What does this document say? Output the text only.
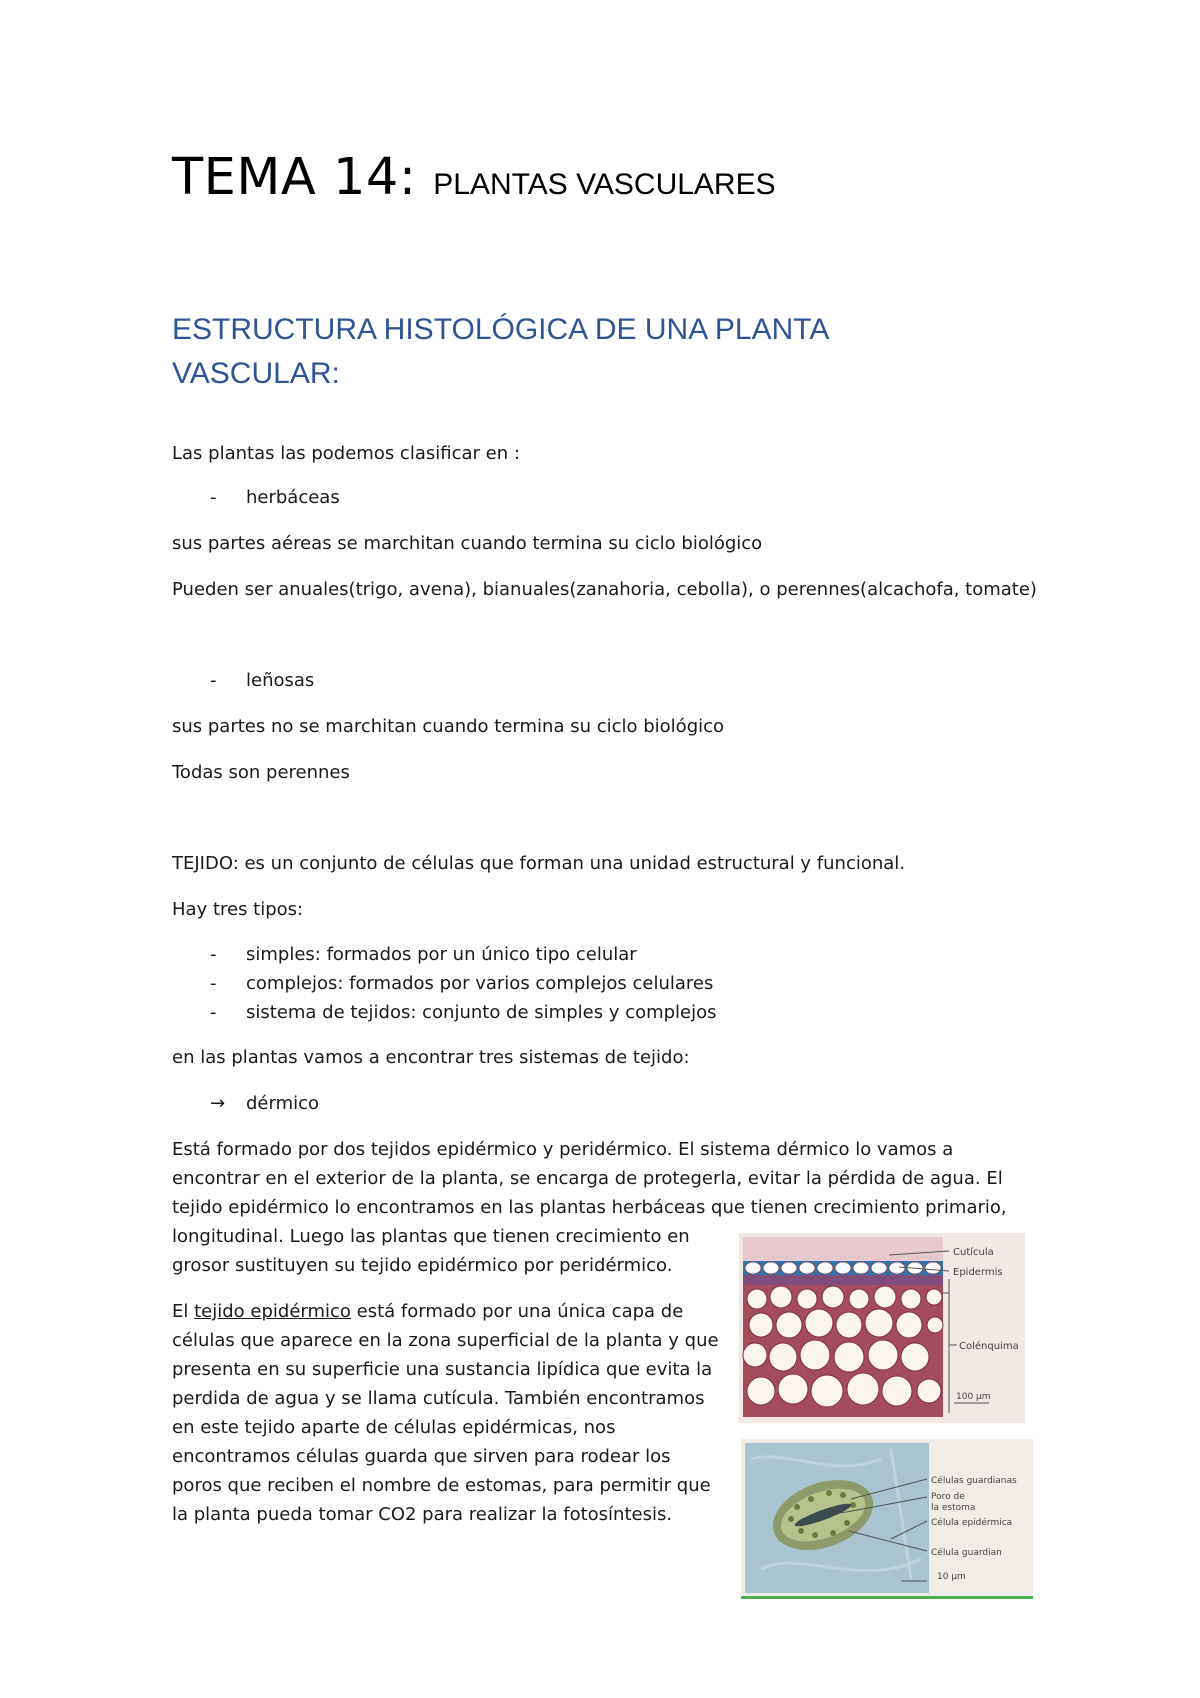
TEMA 14: PLANTAS VASCULARES
ESTRUCTURA HISTOLÓGICA DE UNA PLANTA VASCULAR:
Las plantas las podemos clasificar en :
- herbáceas
sus partes aéreas se marchitan cuando termina su ciclo biológico
Pueden ser anuales(trigo, avena), bianuales(zanahoria, cebolla), o perennes(alcachofa, tomate)
- leñosas
sus partes no se marchitan cuando termina su ciclo biológico
Todas son perennes
TEJIDO: es un conjunto de células que forman una unidad estructural y funcional.
Hay tres tipos:
- simples: formados por un único tipo celular
- complejos: formados por varios complejos celulares
- sistema de tejidos: conjunto de simples y complejos
en las plantas vamos a encontrar tres sistemas de tejido:
→ dérmico
Está formado por dos tejidos epidérmico y peridérmico. El sistema dérmico lo vamos a
encontrar en el exterior de la planta, se encarga de protegerla, evitar la pérdida de agua. El
tejido epidérmico lo encontramos en las plantas herbáceas que tienen crecimiento primario,
longitudinal. Luego las plantas que tienen crecimiento en
grosor sustituyen su tejido epidérmico por peridérmico.
El tejido epidérmico está formado por una única capa de
células que aparece en la zona superficial de la planta y que
presenta en su superficie una sustancia lipídica que evita la
perdida de agua y se llama cutícula. También encontramos
en este tejido aparte de células epidérmicas, nos
encontramos células guarda que sirven para rodear los
poros que reciben el nombre de estomas, para permitir que
la planta pueda tomar CO2 para realizar la fotosíntesis.
Cutícula
Epidermis
Colénquima
100 µm
Células guardianas
Poro de
la estoma
Célula epidérmica
Célula guardian
10 µm
